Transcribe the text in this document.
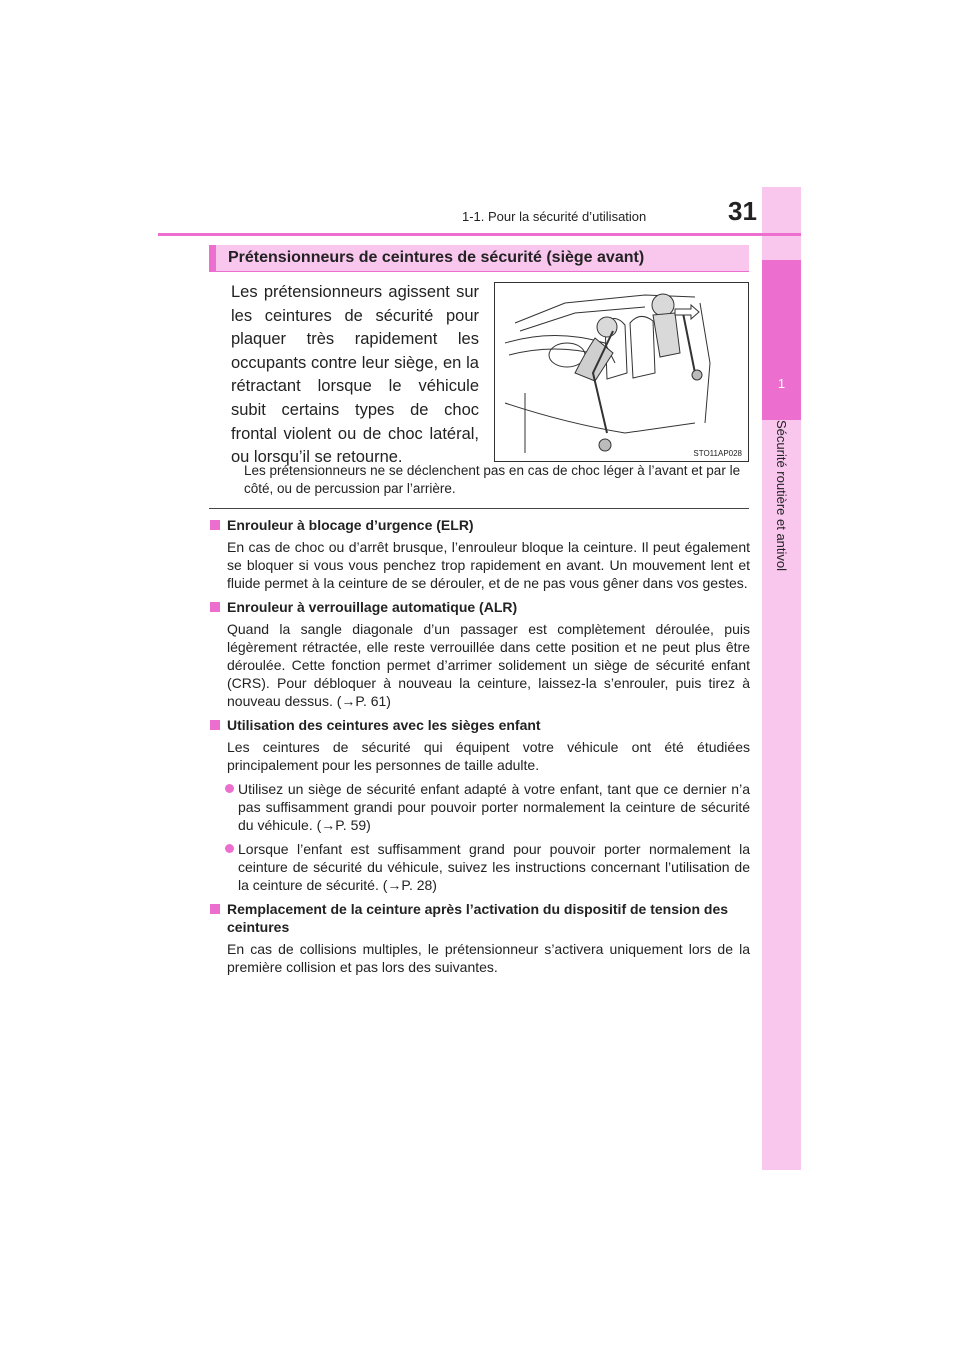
1
Sécurité routière et antivol
1-1. Pour la sécurité d’utilisation	31
Prétensionneurs de ceintures de sécurité (siège avant)
Les prétensionneurs agissent sur les ceintures de sécurité pour plaquer très rapidement les occupants contre leur siège, en la rétractant lorsque le véhicule subit certains types de choc frontal violent ou de choc latéral, ou lorsqu’il se retourne.	STO11AP028
Les prétensionneurs ne se déclenchent pas en cas de choc léger à l’avant et par le côté, ou de percussion par l’arrière.
Enrouleur à blocage d’urgence (ELR)
En cas de choc ou d’arrêt brusque, l’enrouleur bloque la ceinture. Il peut également se bloquer si vous vous penchez trop rapidement en avant. Un mouvement lent et fluide permet à la ceinture de se dérouler, et de ne pas vous gêner dans vos gestes.
Enrouleur à verrouillage automatique (ALR)
Quand la sangle diagonale d’un passager est complètement déroulée, puis légèrement rétractée, elle reste verrouillée dans cette position et ne peut plus être déroulée. Cette fonction permet d’arrimer solidement un siège de sécurité enfant (CRS). Pour débloquer à nouveau la ceinture, laissez-la s’enrouler, puis tirez à nouveau dessus. (→P. 61)
Utilisation des ceintures avec les sièges enfant
Les ceintures de sécurité qui équipent votre véhicule ont été étudiées principalement pour les personnes de taille adulte.
Utilisez un siège de sécurité enfant adapté à votre enfant, tant que ce dernier n’a pas suffisamment grandi pour pouvoir porter normalement la ceinture de sécurité du véhicule. (→P. 59)
Lorsque l’enfant est suffisamment grand pour pouvoir porter normalement la ceinture de sécurité du véhicule, suivez les instructions concernant l’utilisation de la ceinture de sécurité. (→P. 28)
Remplacement de la ceinture après l’activation du dispositif de tension des ceintures
En cas de collisions multiples, le prétensionneur s’activera uniquement lors de la première collision et pas lors des suivantes.
